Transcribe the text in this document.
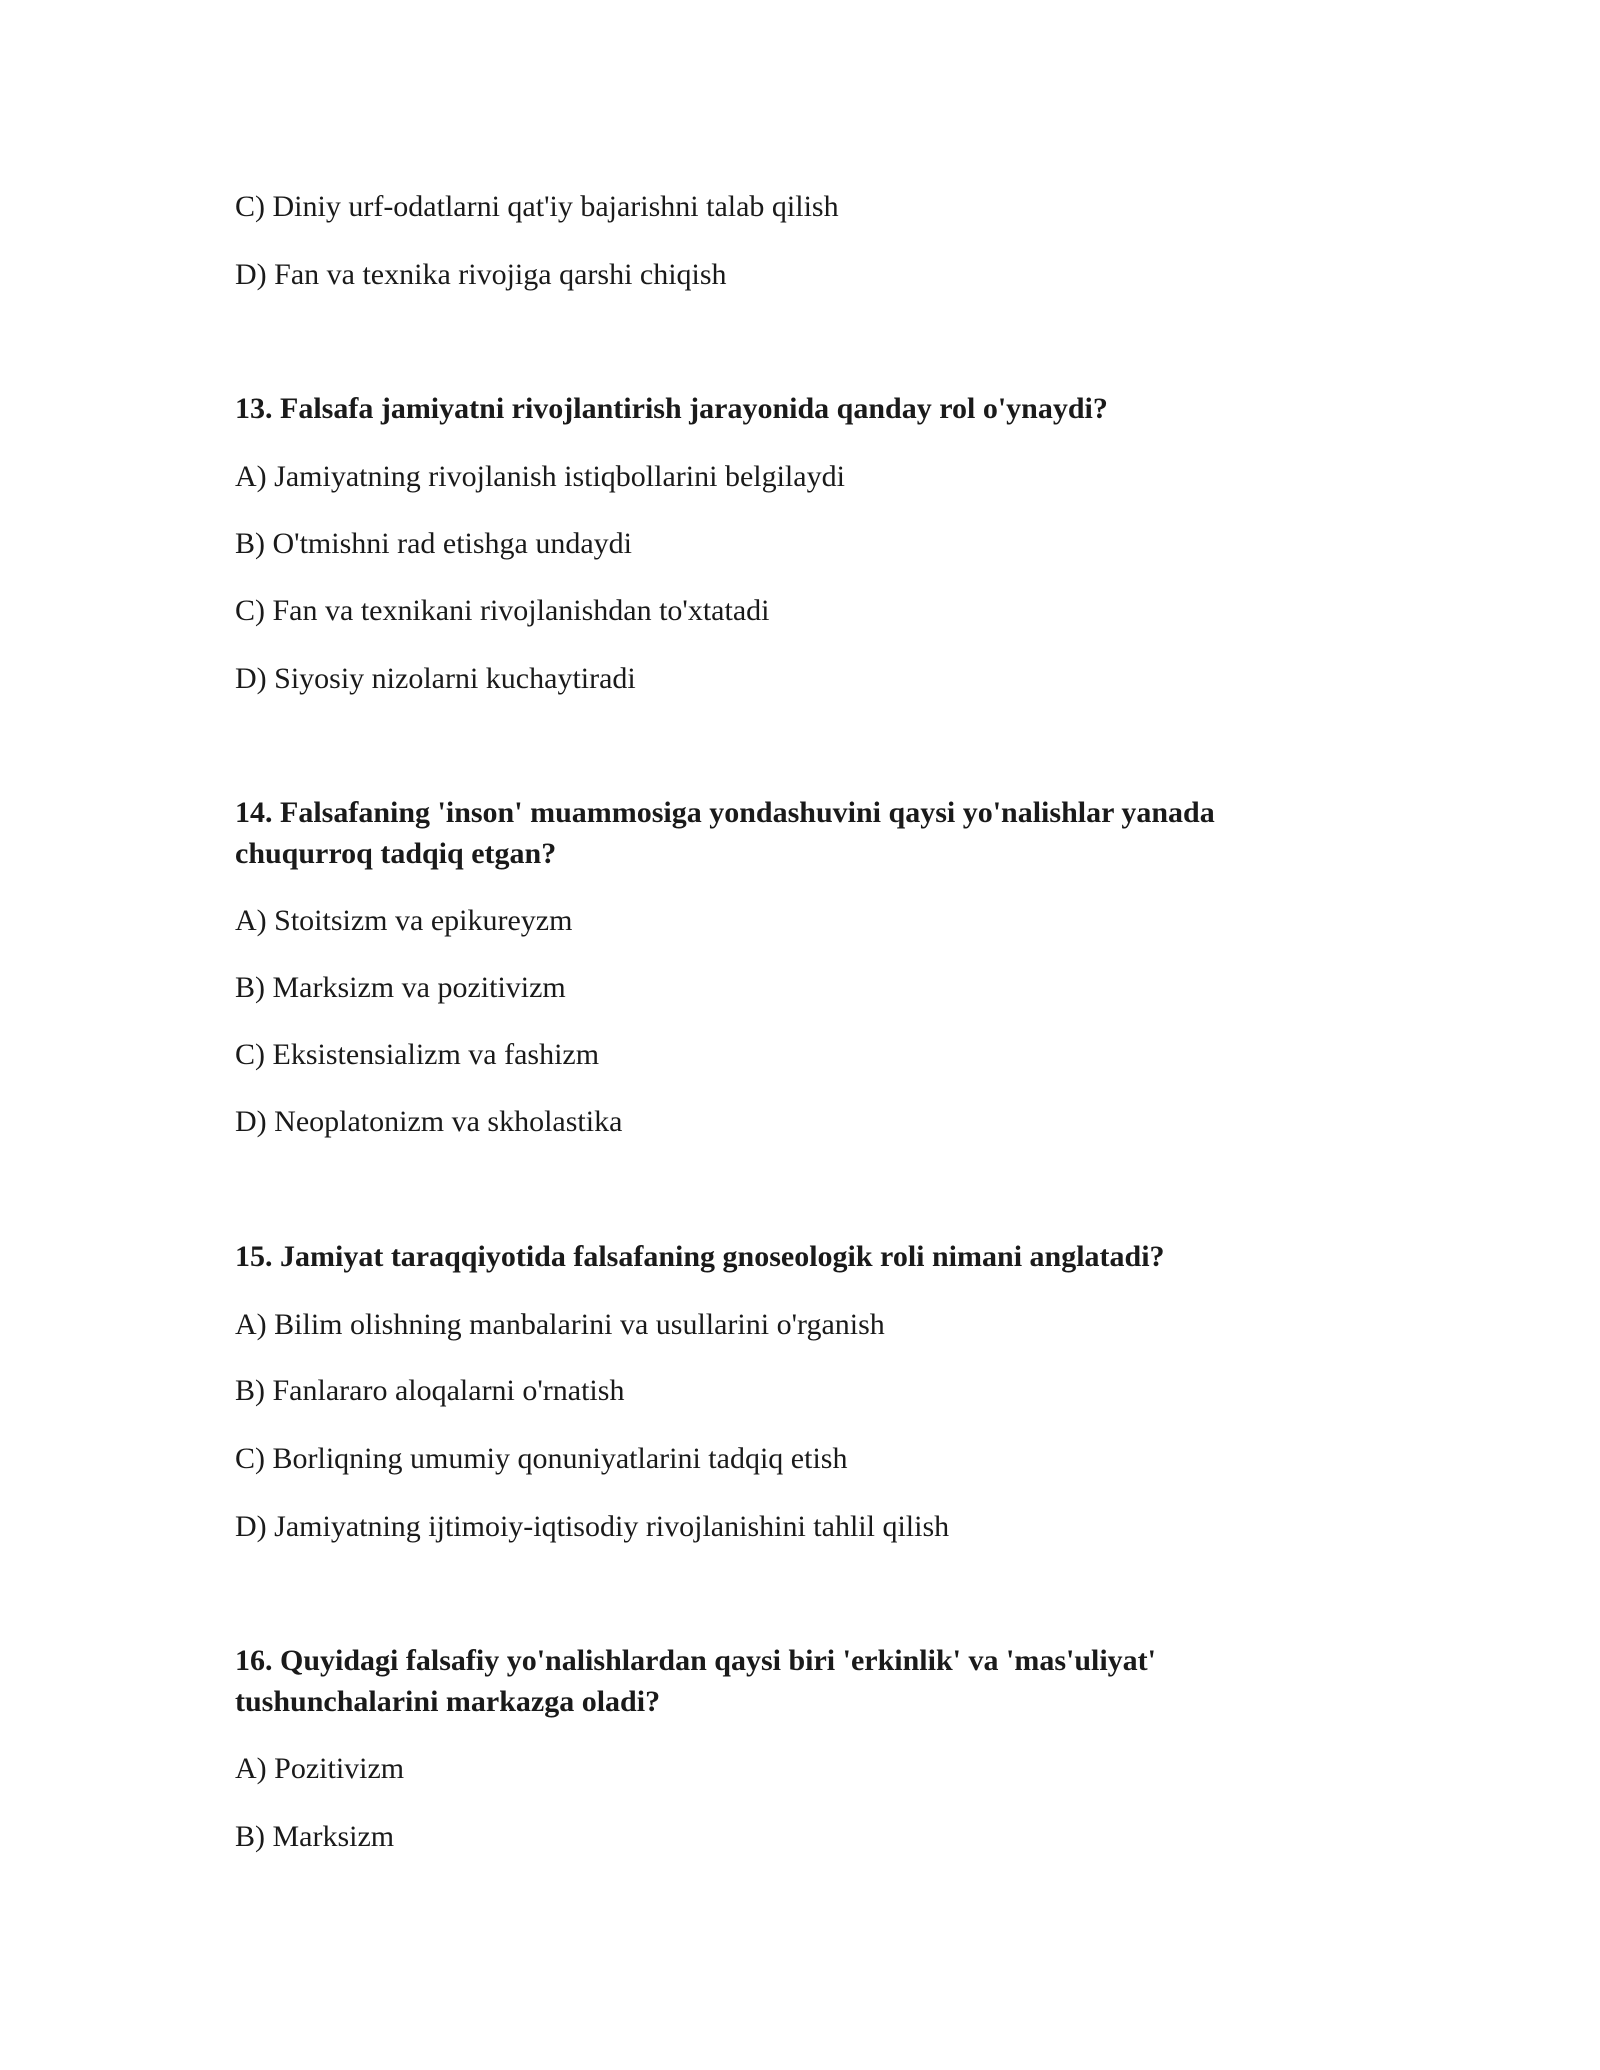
C) Diniy urf-odatlarni qat'iy bajarishni talab qilish
D) Fan va texnika rivojiga qarshi chiqish
13. Falsafa jamiyatni rivojlantirish jarayonida qanday rol o'ynaydi?
A) Jamiyatning rivojlanish istiqbollarini belgilaydi
B) O'tmishni rad etishga undaydi
C) Fan va texnikani rivojlanishdan to'xtatadi
D) Siyosiy nizolarni kuchaytiradi
14. Falsafaning 'inson' muammosiga yondashuvini qaysi yo'nalishlar yanada
chuqurroq tadqiq etgan?
A) Stoitsizm va epikureyzm
B) Marksizm va pozitivizm
C) Eksistensializm va fashizm
D) Neoplatonizm va skholastika
15. Jamiyat taraqqiyotida falsafaning gnoseologik roli nimani anglatadi?
A) Bilim olishning manbalarini va usullarini o'rganish
B) Fanlararo aloqalarni o'rnatish
C) Borliqning umumiy qonuniyatlarini tadqiq etish
D) Jamiyatning ijtimoiy-iqtisodiy rivojlanishini tahlil qilish
16. Quyidagi falsafiy yo'nalishlardan qaysi biri 'erkinlik' va 'mas'uliyat'
tushunchalarini markazga oladi?
A) Pozitivizm
B) Marksizm
